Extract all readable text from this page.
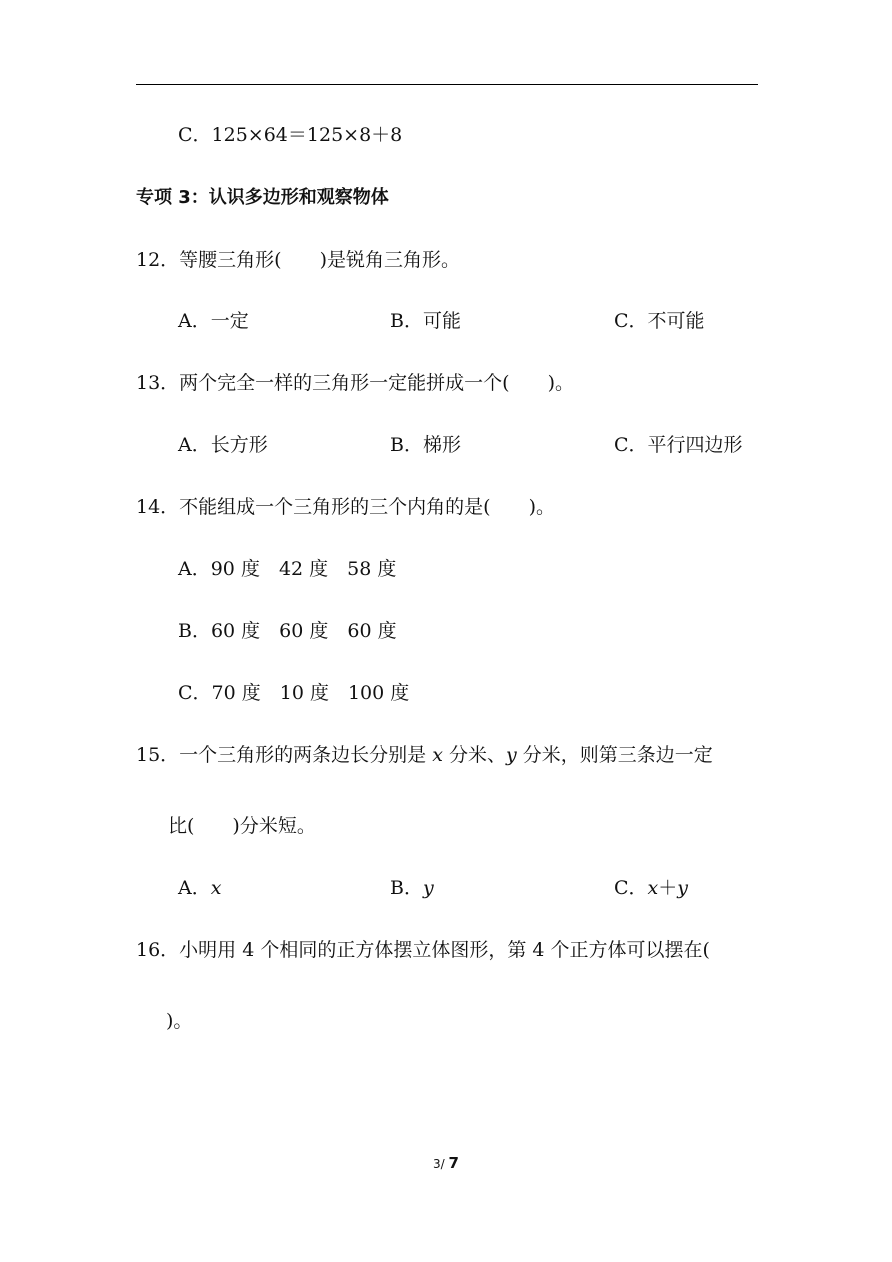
C．125×64＝125×8＋8
专项 3：认识多边形和观察物体
12．等腰三角形(　　)是锐角三角形。
A．一定	B．可能	C．不可能
13．两个完全一样的三角形一定能拼成一个(　　)。
A．长方形	B．梯形	C．平行四边形
14．不能组成一个三角形的三个内角的是(　　)。
A．90 度　42 度　58 度
B．60 度　60 度　60 度
C．70 度　10 度　100 度
15．一个三角形的两条边长分别是 x 分米、y 分米，则第三条边一定
比(　　)分米短。
A．x	B．y	C．x＋y
16．小明用 4 个相同的正方体摆立体图形，第 4 个正方体可以摆在(
)。
3/ 7
